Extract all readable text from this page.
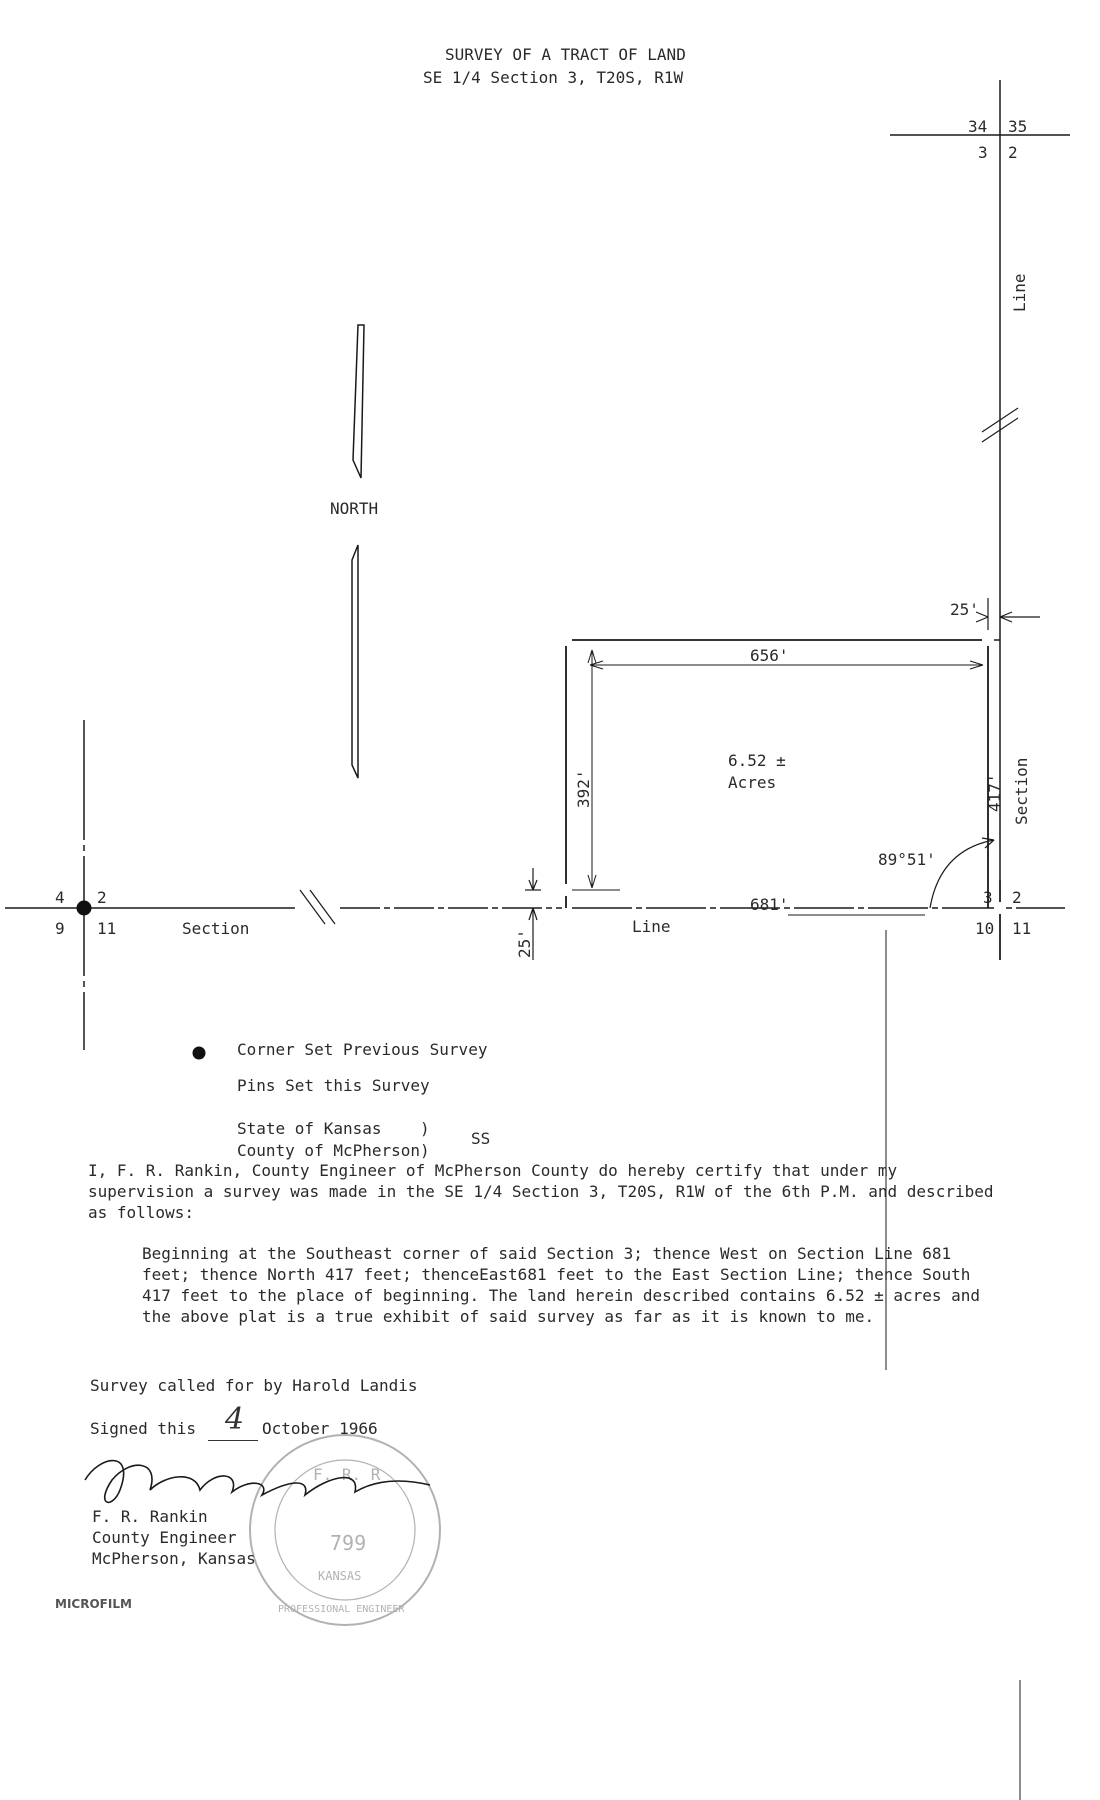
34 35
3 2
Line
Section
NORTH
4 2
9 11	Section
3 2
10 11
Line
656'
392'	417'
681'
89°51'
25'
25'
6.52 ±
Acres
F. R. R
799
KANSAS
PROFESSIONAL ENGINEER
SURVEY OF A TRACT OF LAND
SE 1/4 Section 3, T20S, R1W
Corner Set Previous Survey
Pins Set this Survey
State of Kansas    )
County of McPherson)
SS
I, F. R. Rankin, County Engineer of McPherson County do hereby certify that under my supervision a survey was made in the SE 1/4 Section 3, T20S, R1W of the 6th P.M. and described as follows:
Beginning at the Southeast corner of said Section 3; thence West on Section Line 681 feet; thence North 417 feet; thenceEast681 feet to the East Section Line; thence South 417 feet to the place of beginning. The land herein described contains 6.52 ± acres and the above plat is a true exhibit of said survey as far as it is known to me.
Survey called for by Harold Landis
Signed this 4 October 1966
F. R. Rankin
County Engineer
McPherson, Kansas
MICROFILM
